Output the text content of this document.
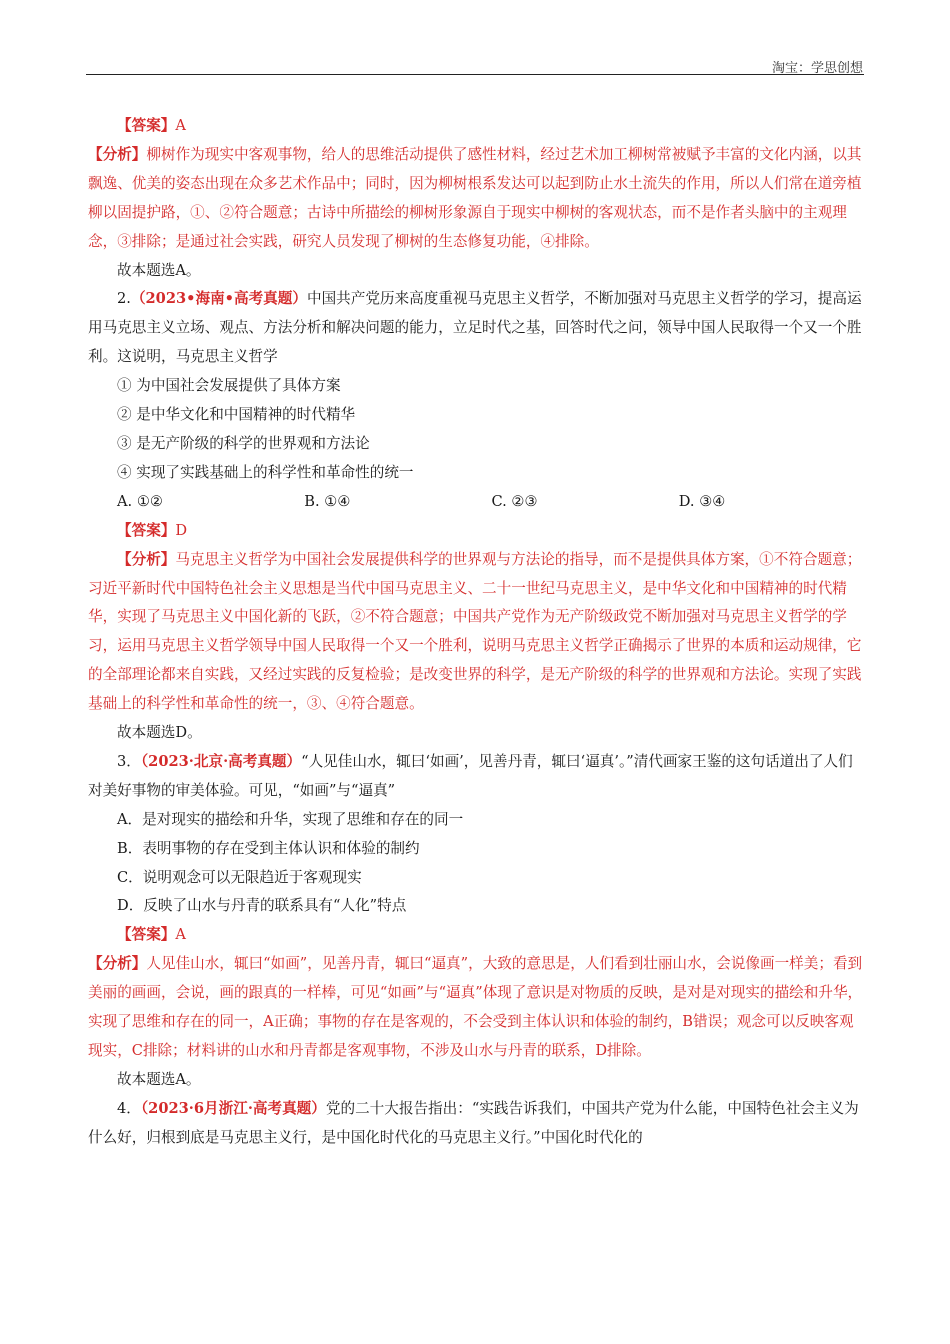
淘宝：学思创想

【答案】A

【分析】柳树作为现实中客观事物，给人的思维活动提供了感性材料，经过艺术加工柳树常被赋予丰富的文化内涵，以其飘逸、优美的姿态出现在众多艺术作品中；同时，因为柳树根系发达可以起到防止水土流失的作用，所以人们常在道旁植柳以固提护路，①、②符合题意；古诗中所描绘的柳树形象源自于现实中柳树的客观状态，而不是作者头脑中的主观理念，③排除；是通过社会实践，研究人员发现了柳树的生态修复功能，④排除。

故本题选A。

2.（2023•海南•高考真题）中国共产党历来高度重视马克思主义哲学，不断加强对马克思主义哲学的学习，提高运用马克思主义立场、观点、方法分析和解决问题的能力，立足时代之基，回答时代之问，领导中国人民取得一个又一个胜利。这说明，马克思主义哲学

① 为中国社会发展提供了具体方案

② 是中华文化和中国精神的时代精华

③ 是无产阶级的科学的世界观和方法论

④ 实现了实践基础上的科学性和革命性的统一

A. ①②	B. ①④	C. ②③	D. ③④

【答案】D

【分析】马克思主义哲学为中国社会发展提供科学的世界观与方法论的指导，而不是提供具体方案，①不符合题意；习近平新时代中国特色社会主义思想是当代中国马克思主义、二十一世纪马克思主义，是中华文化和中国精神的时代精华，实现了马克思主义中国化新的飞跃，②不符合题意；中国共产党作为无产阶级政党不断加强对马克思主义哲学的学习，运用马克思主义哲学领导中国人民取得一个又一个胜利，说明马克思主义哲学正确揭示了世界的本质和运动规律，它的全部理论都来自实践，又经过实践的反复检验；是改变世界的科学，是无产阶级的科学的世界观和方法论。实现了实践基础上的科学性和革命性的统一，③、④符合题意。

故本题选D。

3．（2023·北京·高考真题）“人见佳山水，辄曰‘如画’，见善丹青，辄曰‘逼真’。”清代画家王鉴的这句话道出了人们对美好事物的审美体验。可见，“如画”与“逼真”

A．是对现实的描绘和升华，实现了思维和存在的同一

B．表明事物的存在受到主体认识和体验的制约

C．说明观念可以无限趋近于客观现实

D．反映了山水与丹青的联系具有“人化”特点

【答案】A

【分析】人见佳山水，辄曰“如画”，见善丹青，辄曰“逼真”，大致的意思是，人们看到壮丽山水，会说像画一样美；看到美丽的画画，会说，画的跟真的一样棒，可见“如画”与“逼真”体现了意识是对物质的反映，是对是对现实的描绘和升华，实现了思维和存在的同一，A正确；事物的存在是客观的，不会受到主体认识和体验的制约，B错误；观念可以反映客观现实，C排除；材料讲的山水和丹青都是客观事物，不涉及山水与丹青的联系，D排除。

故本题选A。

4．（2023·6月浙江·高考真题）党的二十大报告指出：“实践告诉我们，中国共产党为什么能，中国特色社会主义为什么好，归根到底是马克思主义行，是中国化时代化的马克思主义行。”中国化时代化的
